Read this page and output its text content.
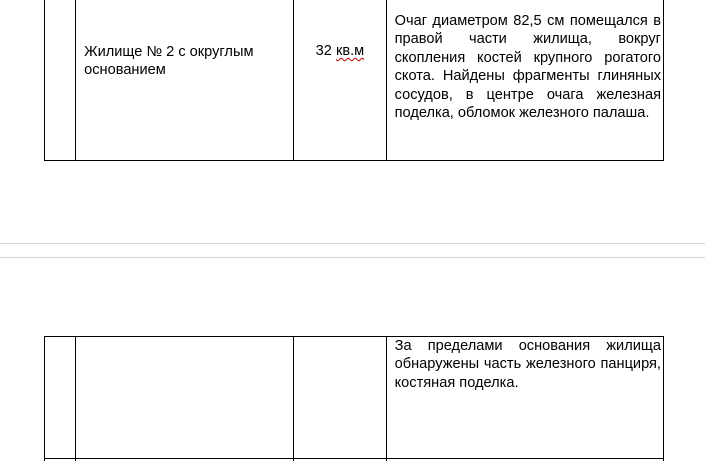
	Жилище № 2 с округлым основанием	32 кв.м	Очаг диаметром 82,5 см помещался в правой части жилища, вокруг скопления костей крупного рогатого скота. Найдены фрагменты глиняных сосудов, в центре очага железная поделка, обломок железного палаша.

			За пределами основания жилища обнаружены часть железного панциря, костяная поделка.
